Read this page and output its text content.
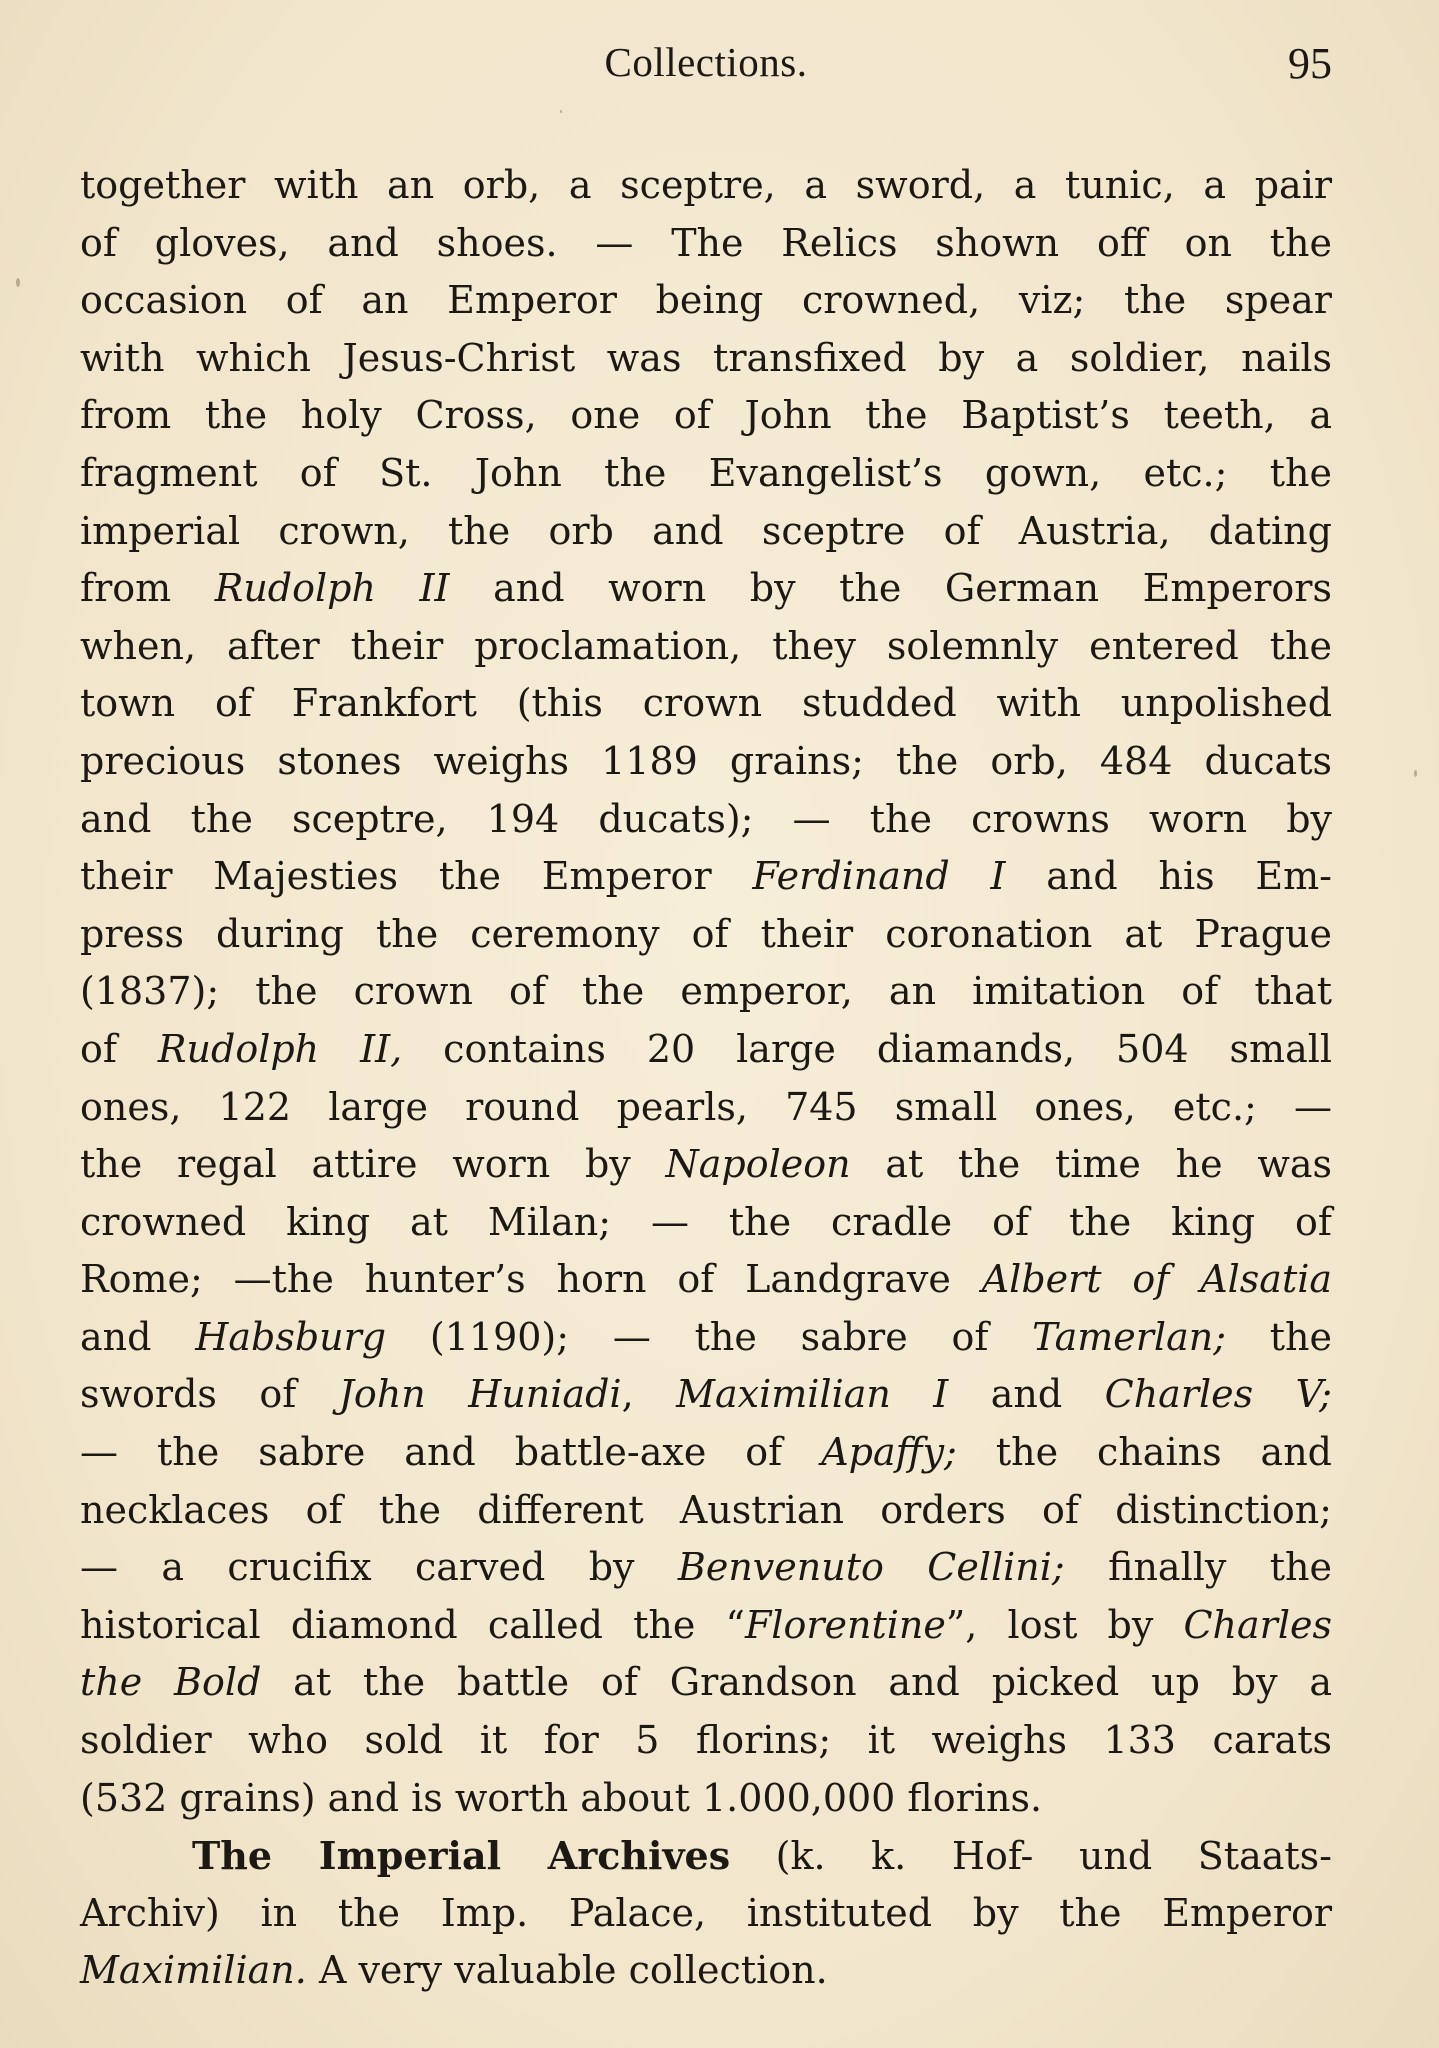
Collections.	95
together with an orb, a sceptre, a sword, a tunic, a pair
of gloves, and shoes. — The Relics shown off on the
occasion of an Emperor being crowned, viz; the spear
with which Jesus-Christ was transfixed by a soldier, nails
from the holy Cross, one of John the Baptist’s teeth, a
fragment of St. John the Evangelist’s gown, etc.; the
imperial crown, the orb and sceptre of Austria, dating
from Rudolph II and worn by the German Emperors
when, after their proclamation, they solemnly entered the
town of Frankfort (this crown studded with unpolished
precious stones weighs 1189 grains; the orb, 484 ducats
and the sceptre, 194 ducats); — the crowns worn by
their Majesties the Emperor Ferdinand I and his Em-
press during the ceremony of their coronation at Prague
(1837); the crown of the emperor, an imitation of that
of Rudolph II, contains 20 large diamands, 504 small
ones, 122 large round pearls, 745 small ones, etc.; —
the regal attire worn by Napoleon at the time he was
crowned king at Milan; — the cradle of the king of
Rome; —the hunter’s horn of Landgrave Albert of Alsatia
and Habsburg (1190); — the sabre of Tamerlan; the
swords of John Huniadi, Maximilian I and Charles V;
— the sabre and battle-axe of Apaffy; the chains and
necklaces of the different Austrian orders of distinction;
— a crucifix carved by Benvenuto Cellini; finally the
historical diamond called the “Florentine”, lost by Charles
the Bold at the battle of Grandson and picked up by a
soldier who sold it for 5 florins; it weighs 133 carats
(532 grains) and is worth about 1.000,000 florins.
The Imperial Archives (k. k. Hof- und Staats-
Archiv) in the Imp. Palace, instituted by the Emperor
Maximilian. A very valuable collection.
